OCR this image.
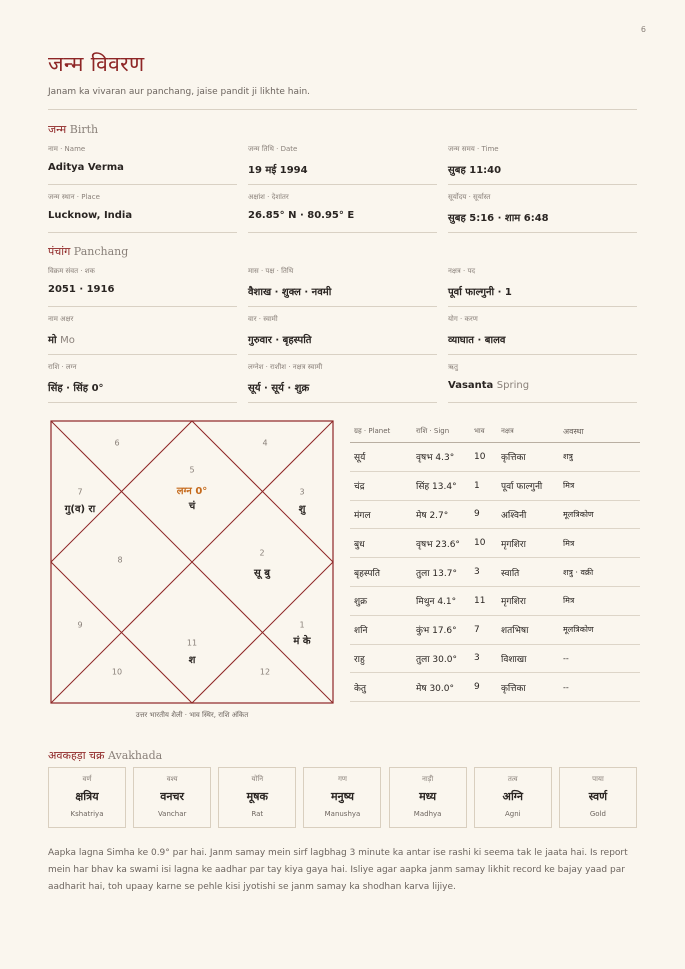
6
जन्म विवरण
Janam ka vivaran aur panchang, jaise pandit ji likhte hain.
जन्म Birth
नाम · Name
Aditya Verma
जन्म तिथि · Date
19 मई 1994
जन्म समय · Time
सुबह 11:40
जन्म स्थान · Place
Lucknow, India
अक्षांश · देशांतर
26.85° N · 80.95° E
सूर्योदय · सूर्यास्त
सुबह 5:16 · शाम 6:48
पंचांग Panchang
विक्रम संवत · शक
2051 · 1916
मास · पक्ष · तिथि
वैशाख · शुक्ल · नवमी
नक्षत्र · पद
पूर्वा फाल्गुनी · 1
नाम अक्षर
मो Mo
वार · स्वामी
गुरुवार · बृहस्पति
योग · करण
व्याघात · बालव
राशि · लग्न
सिंह · सिंह 0°
लग्नेश · राशीश · नक्षत्र स्वामी
सूर्य · सूर्य · शुक्र
ऋतु
Vasanta Spring
5
लग्न 0°
चं
6
7
गु(व) रा
8
9
10
11
श
12
1
मं के
2
सू बु
3
शु
4
उत्तर भारतीय शैली · भाव स्थिर, राशि अंकित
ग्रह · Planet	राशि · Sign	भाव	नक्षत्र	अवस्था
सूर्य	वृषभ 4.3°	10	कृत्तिका	शत्रु
चंद्र	सिंह 13.4°	1	पूर्वा फाल्गुनी	मित्र
मंगल	मेष 2.7°	9	अश्विनी	मूलत्रिकोण
बुध	वृषभ 23.6°	10	मृगशिरा	मित्र
बृहस्पति	तुला 13.7°	3	स्वाति	शत्रु · वक्री
शुक्र	मिथुन 4.1°	11	मृगशिरा	मित्र
शनि	कुंभ 17.6°	7	शतभिषा	मूलत्रिकोण
राहु	तुला 30.0°	3	विशाखा	--
केतु	मेष 30.0°	9	कृत्तिका	--
अवकहड़ा चक्र Avakhada
वर्ण
क्षत्रिय
Kshatriya
वश्य
वनचर
Vanchar
योनि
मूषक
Rat
गण
मनुष्य
Manushya
नाड़ी
मध्य
Madhya
तत्व
अग्नि
Agni
पाया
स्वर्ण
Gold
Aapka lagna Simha ke 0.9° par hai. Janm samay mein sirf lagbhag 3 minute ka antar ise rashi ki seema tak le jaata hai. Is report mein har bhav ka swami isi lagna ke aadhar par tay kiya gaya hai. Isliye agar aapka janm samay likhit record ke bajay yaad par aadharit hai, toh upaay karne se pehle kisi jyotishi se janm samay ka shodhan karva lijiye.
